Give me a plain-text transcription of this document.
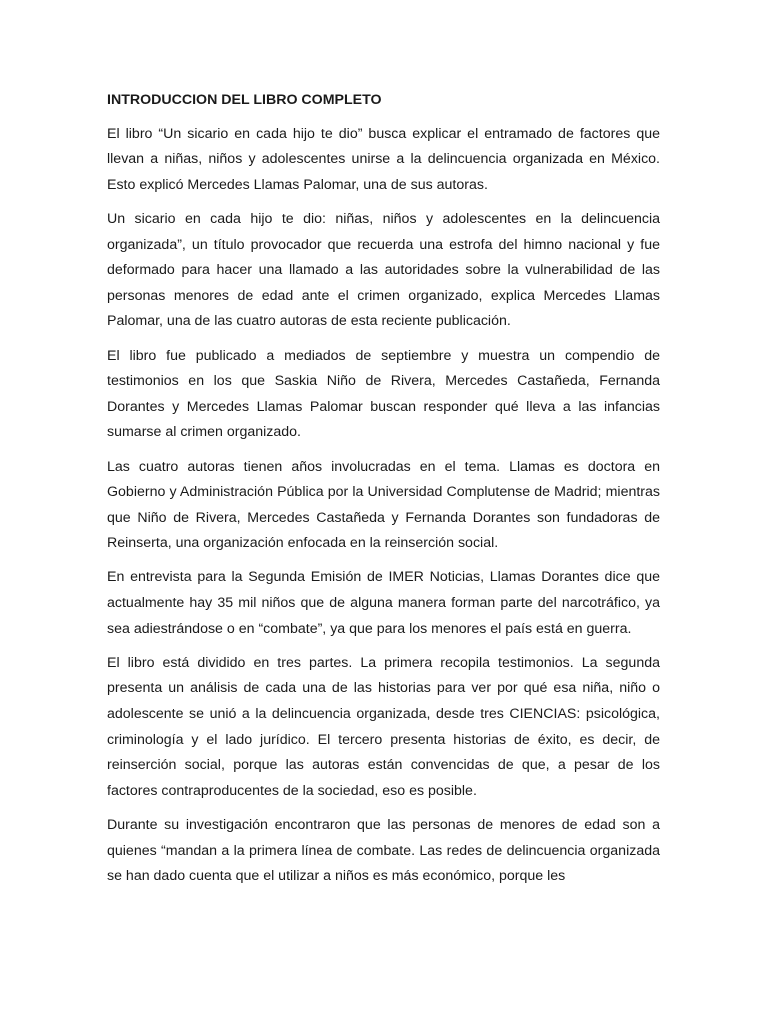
INTRODUCCION DEL LIBRO COMPLETO

El libro “Un sicario en cada hijo te dio” busca explicar el entramado de factores que llevan a niñas, niños y adolescentes unirse a la delincuencia organizada en México. Esto explicó Mercedes Llamas Palomar, una de sus autoras.

Un sicario en cada hijo te dio: niñas, niños y adolescentes en la delincuencia organizada”, un título provocador que recuerda una estrofa del himno nacional y fue deformado para hacer una llamado a las autoridades sobre la vulnerabilidad de las personas menores de edad ante el crimen organizado, explica Mercedes Llamas Palomar, una de las cuatro autoras de esta reciente publicación.

El libro fue publicado a mediados de septiembre y muestra un compendio de testimonios en los que Saskia Niño de Rivera, Mercedes Castañeda, Fernanda Dorantes y Mercedes Llamas Palomar buscan responder qué lleva a las infancias sumarse al crimen organizado.

Las cuatro autoras tienen años involucradas en el tema. Llamas es doctora en Gobierno y Administración Pública por la Universidad Complutense de Madrid; mientras que Niño de Rivera, Mercedes Castañeda y Fernanda Dorantes son fundadoras de Reinserta, una organización enfocada en la reinserción social.

En entrevista para la Segunda Emisión de IMER Noticias, Llamas Dorantes dice que actualmente hay 35 mil niños que de alguna manera forman parte del narcotráfico, ya sea adiestrándose o en “combate”, ya que para los menores el país está en guerra.

El libro está dividido en tres partes. La primera recopila testimonios. La segunda presenta un análisis de cada una de las historias para ver por qué esa niña, niño o adolescente se unió a la delincuencia organizada, desde tres CIENCIAS: psicológica, criminología y el lado jurídico. El tercero presenta historias de éxito, es decir, de reinserción social, porque las autoras están convencidas de que, a pesar de los factores contraproducentes de la sociedad, eso es posible.

Durante su investigación encontraron que las personas de menores de edad son a quienes “mandan a la primera línea de combate. Las redes de delincuencia organizada se han dado cuenta que el utilizar a niños es más económico, porque les
